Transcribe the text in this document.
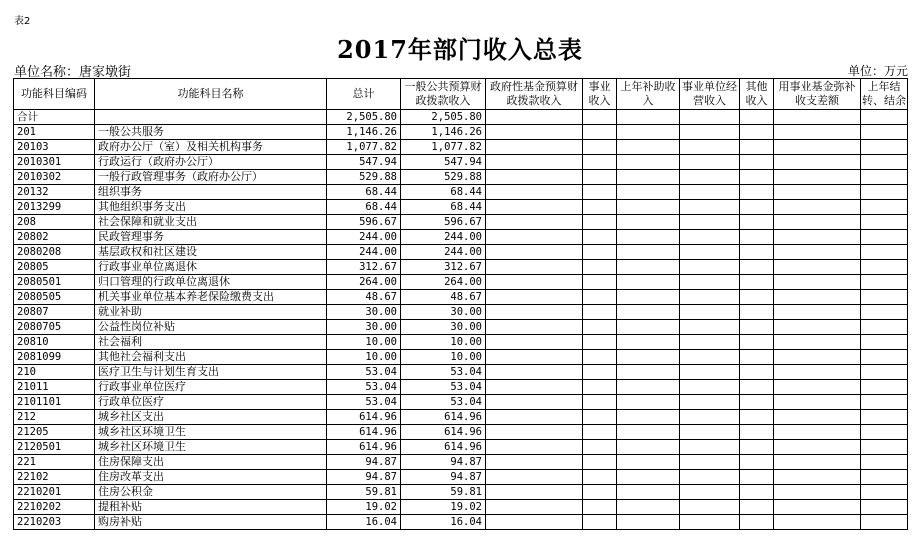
表2
2017年部门收入总表
单位名称：唐家墩街	单位：万元
功能科目编码	功能科目名称	总计	一般公共预算财政拨款收入	政府性基金预算财政拨款收入	事业收入	上年补助收入	事业单位经营收入	其他收入	用事业基金弥补收支差额	上年结转、结余
合计		2,505.80	2,505.80							
201	一般公共服务	1,146.26	1,146.26							
20103	政府办公厅（室）及相关机构事务	1,077.82	1,077.82							
2010301	行政运行（政府办公厅）	547.94	547.94							
2010302	一般行政管理事务（政府办公厅）	529.88	529.88							
20132	组织事务	68.44	68.44							
2013299	其他组织事务支出	68.44	68.44							
208	社会保障和就业支出	596.67	596.67							
20802	民政管理事务	244.00	244.00							
2080208	基层政权和社区建设	244.00	244.00							
20805	行政事业单位离退休	312.67	312.67							
2080501	归口管理的行政单位离退休	264.00	264.00							
2080505	机关事业单位基本养老保险缴费支出	48.67	48.67							
20807	就业补助	30.00	30.00							
2080705	公益性岗位补贴	30.00	30.00							
20810	社会福利	10.00	10.00							
2081099	其他社会福利支出	10.00	10.00							
210	医疗卫生与计划生育支出	53.04	53.04							
21011	行政事业单位医疗	53.04	53.04							
2101101	行政单位医疗	53.04	53.04							
212	城乡社区支出	614.96	614.96							
21205	城乡社区环境卫生	614.96	614.96							
2120501	城乡社区环境卫生	614.96	614.96							
221	住房保障支出	94.87	94.87							
22102	住房改革支出	94.87	94.87							
2210201	住房公积金	59.81	59.81							
2210202	提租补贴	19.02	19.02							
2210203	购房补贴	16.04	16.04							
